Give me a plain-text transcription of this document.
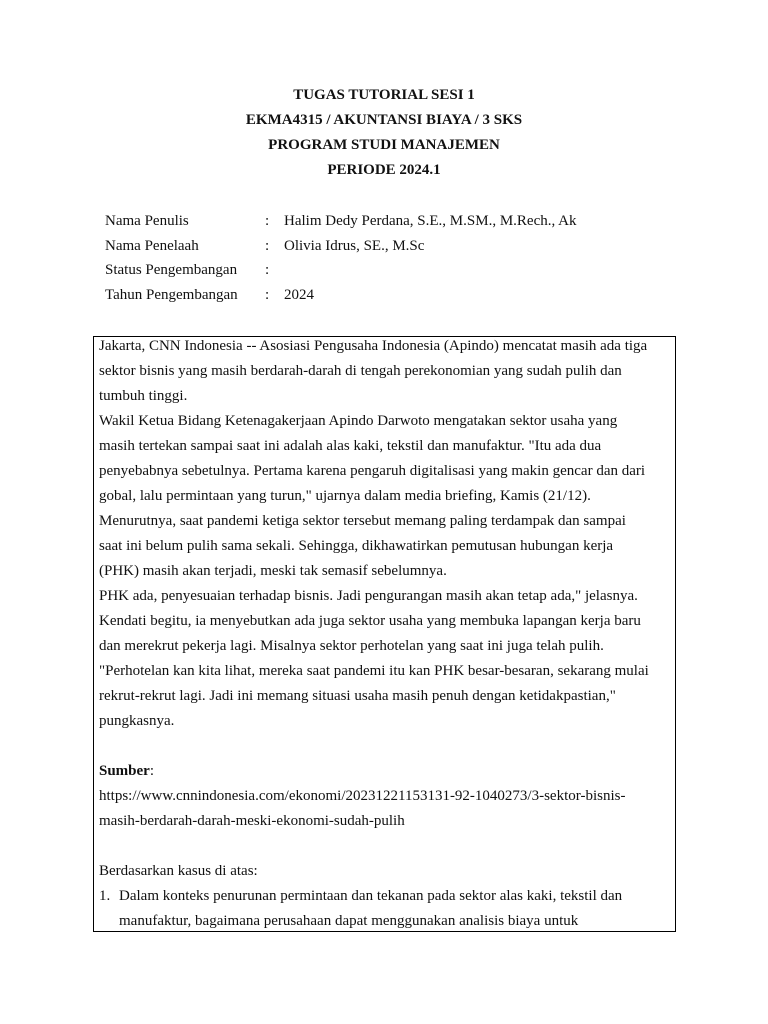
TUGAS TUTORIAL SESI 1
EKMA4315 / AKUNTANSI BIAYA / 3 SKS
PROGRAM STUDI MANAJEMEN
PERIODE 2024.1
Nama Penulis	: Halim Dedy Perdana, S.E., M.SM., M.Rech., Ak
Nama Penelaah	: Olivia Idrus, SE., M.Sc
Status Pengembangan	:
Tahun Pengembangan	: 2024
Jakarta, CNN Indonesia -- Asosiasi Pengusaha Indonesia (Apindo) mencatat masih ada tiga
sektor bisnis yang masih berdarah-darah di tengah perekonomian yang sudah pulih dan
tumbuh tinggi.
Wakil Ketua Bidang Ketenagakerjaan Apindo Darwoto mengatakan sektor usaha yang
masih tertekan sampai saat ini adalah alas kaki, tekstil dan manufaktur. "Itu ada dua
penyebabnya sebetulnya. Pertama karena pengaruh digitalisasi yang makin gencar dan dari
gobal, lalu permintaan yang turun," ujarnya dalam media briefing, Kamis (21/12).
Menurutnya, saat pandemi ketiga sektor tersebut memang paling terdampak dan sampai
saat ini belum pulih sama sekali. Sehingga, dikhawatirkan pemutusan hubungan kerja
(PHK) masih akan terjadi, meski tak semasif sebelumnya.
PHK ada, penyesuaian terhadap bisnis. Jadi pengurangan masih akan tetap ada," jelasnya.
Kendati begitu, ia menyebutkan ada juga sektor usaha yang membuka lapangan kerja baru
dan merekrut pekerja lagi. Misalnya sektor perhotelan yang saat ini juga telah pulih.
"Perhotelan kan kita lihat, mereka saat pandemi itu kan PHK besar-besaran, sekarang mulai
rekrut-rekrut lagi. Jadi ini memang situasi usaha masih penuh dengan ketidakpastian,"
pungkasnya.
Sumber:
https://www.cnnindonesia.com/ekonomi/20231221153131-92-1040273/3-sektor-bisnis-
masih-berdarah-darah-meski-ekonomi-sudah-pulih
Berdasarkan kasus di atas:
1. Dalam konteks penurunan permintaan dan tekanan pada sektor alas kaki, tekstil dan
manufaktur, bagaimana perusahaan dapat menggunakan analisis biaya untuk
